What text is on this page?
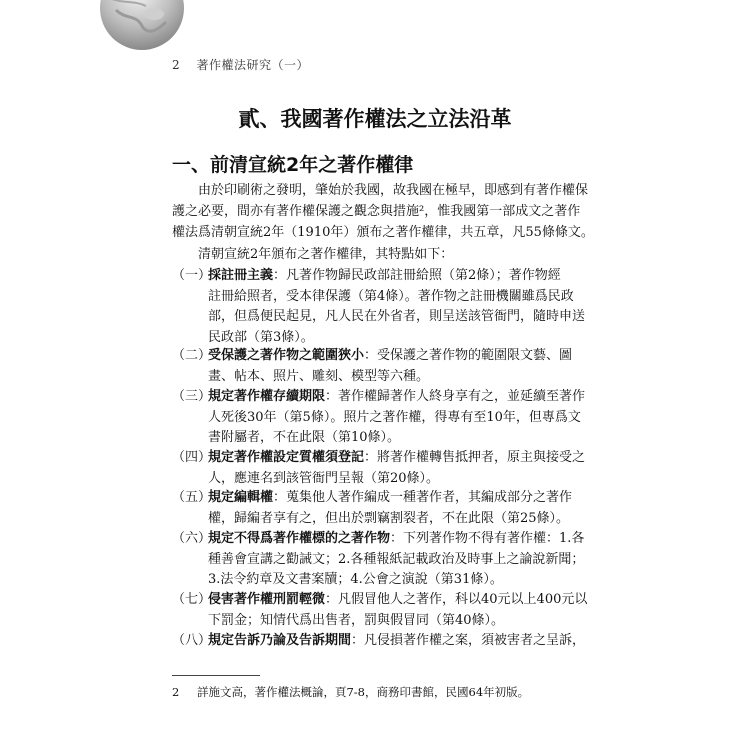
2 著作權法研究（一）
貳、我國著作權法之立法沿革
一、前清宣統2年之著作權律
由於印刷術之發明，肇始於我國，故我國在極早，即感到有著作權保
護之必要，間亦有著作權保護之觀念與措施²，惟我國第一部成文之著作
權法爲清朝宣統2年（1910年）頒布之著作權律，共五章，凡55條條文。
清朝宣統2年頒布之著作權律，其特點如下：
（一）
採註冊主義：凡著作物歸民政部註冊給照（第2條）；著作物經
註冊給照者，受本律保護（第4條）。著作物之註冊機關雖爲民政
部，但爲便民起見，凡人民在外省者，則呈送該管衙門，隨時申送
民政部（第3條）。
（二）
受保護之著作物之範圍狹小：受保護之著作物的範圍限文藝、圖
畫、帖本、照片、雕刻、模型等六種。
（三）
規定著作權存續期限：著作權歸著作人終身享有之，並延續至著作
人死後30年（第5條）。照片之著作權，得專有至10年，但專爲文
書附屬者，不在此限（第10條）。
（四）
規定著作權設定質權須登記：將著作權轉售抵押者，原主與接受之
人，應連名到該管衙門呈報（第20條）。
（五）
規定編輯權：蒐集他人著作編成一種著作者，其編成部分之著作
權，歸編者享有之，但出於剽竊割裂者，不在此限（第25條）。
（六）
規定不得爲著作權標的之著作物：下列著作物不得有著作權：1.各
種善會宣講之勸誡文；2.各種報紙記載政治及時事上之論說新聞；
3.法令約章及文書案牘；4.公會之演說（第31條）。
（七）
侵害著作權刑罰輕微：凡假冒他人之著作，科以40元以上400元以
下罰金；知情代爲出售者，罰與假冒同（第40條）。
（八）
規定告訴乃論及告訴期間：凡侵損著作權之案，須被害者之呈訴，
2 詳施文高，著作權法概論，頁7-8，商務印書館，民國64年初版。
